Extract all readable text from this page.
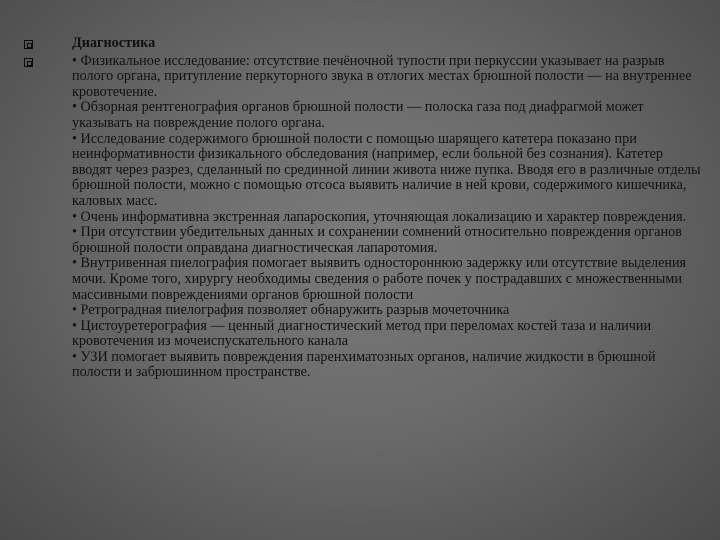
Диагностика

• Физикальное исследование: отсутствие печёночной тупости при перкуссии указывает на разрыв полого органа, притупление перкуторного звука в отлогих местах брюшной полости — на внутреннее кровотечение.

• Обзорная рентгенография органов брюшной полости — полоска газа под диафрагмой может указывать на повреждение полого органа.

• Исследование содержимого брюшной полости с помощью шарящего катетера показано при неинформативности физикального обследования (например, если больной без сознания). Катетер вводят через разрез, сделанный по срединной линии живота ниже пупка. Вводя его в различные отделы брюшной полости, можно с помощью отсоса выявить наличие в ней крови, содержимого кишечника, каловых масс.

• Очень информативна экстренная лапароскопия, уточняющая локализацию и характер повреждения.

• При отсутствии убедительных данных и сохранении сомнений относительно повреждения органов брюшной полости оправдана диагностическая лапаротомия.

• Внутривенная пиелография помогает выявить одностороннюю задержку или отсутствие выделения мочи. Кроме того, хирургу необходимы сведения о работе почек у пострадавших с множественными массивными повреждениями органов брюшной полости

• Ретроградная пиелография позволяет обнаружить разрыв мочеточника

• Цистоуретерография — ценный диагностический метод при переломах костей таза и наличии кровотечения из мочеиспускательного канала

• УЗИ помогает выявить повреждения паренхиматозных органов, наличие жидкости в брюшной полости и забрюшинном пространстве.
